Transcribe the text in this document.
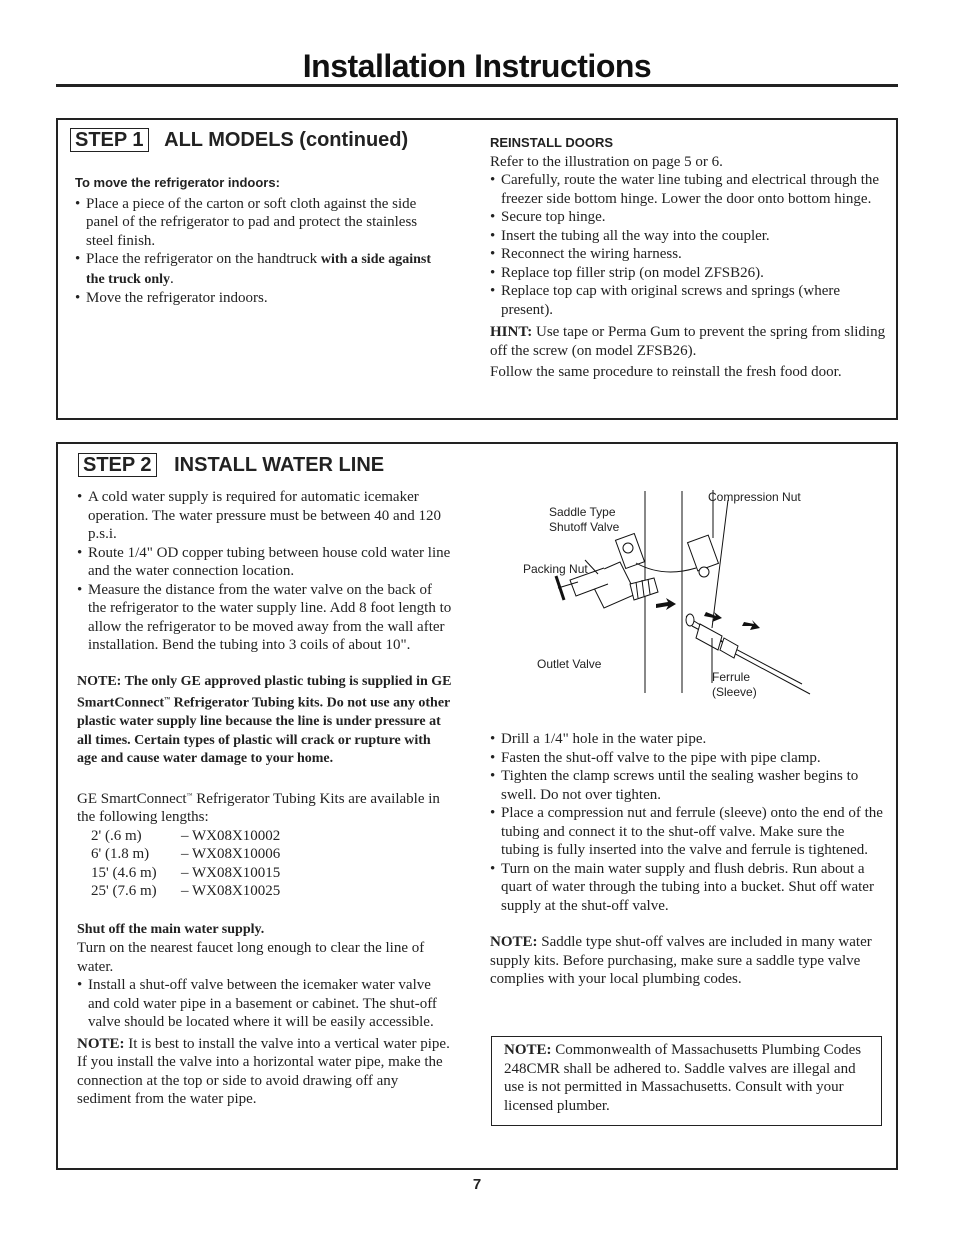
Installation Instructions
STEP 1 ALL MODELS (continued)
To move the refrigerator indoors:
• Place a piece of the carton or soft cloth against the side panel of the refrigerator to pad and protect the stainless steel finish.
• Place the refrigerator on the handtruck with a side against the truck only.
• Move the refrigerator indoors.
REINSTALL DOORS
Refer to the illustration on page 5 or 6.
• Carefully, route the water line tubing and electrical through the freezer side bottom hinge. Lower the door onto bottom hinge.
• Secure top hinge.
• Insert the tubing all the way into the coupler.
• Reconnect the wiring harness.
• Replace top filler strip (on model ZFSB26).
• Replace top cap with original screws and springs (where present).
HINT: Use tape or Perma Gum to prevent the spring from sliding off the screw (on model ZFSB26).
Follow the same procedure to reinstall the fresh food door.
STEP 2 INSTALL WATER LINE
• A cold water supply is required for automatic icemaker operation. The water pressure must be between 40 and 120 p.s.i.
• Route 1/4" OD copper tubing between house cold water line and the water connection location.
• Measure the distance from the water valve on the back of the refrigerator to the water supply line. Add 8 foot length to allow the refrigerator to be moved away from the wall after installation. Bend the tubing into 3 coils of about 10".
NOTE: The only GE approved plastic tubing is supplied in GE SmartConnect™ Refrigerator Tubing kits. Do not use any other plastic water supply line because the line is under pressure at all times. Certain types of plastic will crack or rupture with age and cause water damage to your home.
GE SmartConnect™ Refrigerator Tubing Kits are available in the following lengths:
2' (.6 m)	– WX08X10002
6' (1.8 m)	– WX08X10006
15' (4.6 m)	– WX08X10015
25' (7.6 m)	– WX08X10025
Shut off the main water supply.
Turn on the nearest faucet long enough to clear the line of water.
• Install a shut-off valve between the icemaker water valve and cold water pipe in a basement or cabinet. The shut-off valve should be located where it will be easily accessible.
NOTE: It is best to install the valve into a vertical water pipe. If you install the valve into a horizontal water pipe, make the connection at the top or side to avoid drawing off any sediment from the water pipe.
Saddle Type Shutoff Valve
Compression Nut
Packing Nut
Outlet Valve
Ferrule
(Sleeve)
• Drill a 1/4" hole in the water pipe.
• Fasten the shut-off valve to the pipe with pipe clamp.
• Tighten the clamp screws until the sealing washer begins to swell. Do not over tighten.
• Place a compression nut and ferrule (sleeve) onto the end of the tubing and connect it to the shut-off valve. Make sure the tubing is fully inserted into the valve and ferrule is tightened.
• Turn on the main water supply and flush debris. Run about a quart of water through the tubing into a bucket. Shut off water supply at the shut-off valve.
NOTE: Saddle type shut-off valves are included in many water supply kits. Before purchasing, make sure a saddle type valve complies with your local plumbing codes.
NOTE: Commonwealth of Massachusetts Plumbing Codes 248CMR shall be adhered to. Saddle valves are illegal and use is not permitted in Massachusetts. Consult with your licensed plumber.
7
